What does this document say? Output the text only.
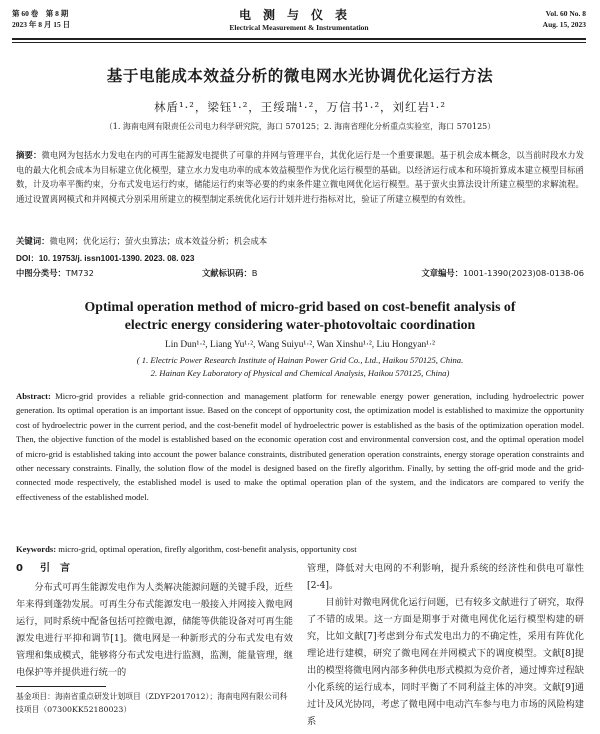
第 60 卷　第 8 期
2023 年 8 月 15 日
电测与仪表
Electrical Measurement & Instrumentation
Vol. 60 No. 8
Aug. 15, 2023
基于电能成本效益分析的微电网水光协调优化运行方法
林盾¹·²，梁钰¹·²，王绥瑞¹·²，万信书¹·²，刘红岩¹·²
（1. 海南电网有限责任公司电力科学研究院，海口 570125；2. 海南省理化分析重点实验室，海口 570125）
摘要：微电网为包括水力发电在内的可再生能源发电提供了可靠的并网与管理平台，其优化运行是一个重要课题。基于机会成本概念，以当前时段水力发电的最大化机会成本为目标建立优化模型，建立水力发电功率的成本效益模型作为优化运行模型的基础。以经济运行成本和环境折算成本建立模型目标函数，计及功率平衡约束，分布式发电运行约束，储能运行约束等必要的约束条件建立微电网优化运行模型。基于萤火虫算法设计所建立模型的求解流程。通过设置离网模式和并网模式分别采用所建立的模型制定系统优化运行计划并进行指标对比，验证了所建立模型的有效性。
关键词：微电网；优化运行；萤火虫算法；成本效益分析；机会成本
DOI：10. 19753/j. issn1001-1390. 2023. 08. 023
中图分类号：TM732	文献标识码：B	文章编号：1001-1390(2023)08-0138-06
Optimal operation method of micro-grid based on cost-benefit analysis of electric energy considering water-photovoltaic coordination
Lin Dun¹·², Liang Yu¹·², Wang Suiyu¹·², Wan Xinshu¹·², Liu Hongyan¹·²
( 1. Electric Power Research Institute of Hainan Power Grid Co., Ltd., Haikou 570125, China.
2. Hainan Key Laboratory of Physical and Chemical Analysis, Haikou 570125, China)
Abstract: Micro-grid provides a reliable grid-connection and management platform for renewable energy power generation, including hydroelectric power generation. Its optimal operation is an important issue. Based on the concept of opportunity cost, the optimization model is established to maximize the opportunity cost of hydroelectric power in the current period, and the cost-benefit model of hydroelectric power is established as the basis of the optimization operation model. Then, the objective function of the model is established based on the economic operation cost and environmental conversion cost, and the optimal operation model of micro-grid is established taking into account the power balance constraints, distributed generation operation constraints, energy storage operation constraints and other necessary constraints. Finally, the solution flow of the model is designed based on the firefly algorithm. Finally, by setting the off-grid mode and the grid-connected mode respectively, the established model is used to make the optimal operation plan of the system, and the indicators are compared to verify the effectiveness of the established model.
Keywords: micro-grid, optimal operation, firefly algorithm, cost-benefit analysis, opportunity cost
0 引　言

分布式可再生能源发电作为人类解决能源问题的关键手段，近些年来得到蓬勃发展。可再生分布式能源发电一般接入并网接入微电网运行，同时系统中配备包括可控微电源，储能等供能设备对可再生能源发电进行平抑和调节[1]。微电网是一种新形式的分布式发电有效管理和集成模式，能够将分布式发电进行监测，监测，能量管理，继电保护等并提供进行统一的

管理，降低对大电网的不利影响，提升系统的经济性和供电可靠性[2-4]。

目前针对微电网优化运行问题，已有较多文献进行了研究，取得了不错的成果。这一方面是期事于对微电网优化运行模型构建的研究，比如文献[7]考虑到分布式发电出力的不确定性，采用有阵优化理论进行建模，研究了微电网在并网模式下的调度模型。文献[8]提出的模型将微电网内部多种供电形式模拟为竞价者，通过博弈过程缺小化系统的运行成本，同时平衡了不同利益主体的冲突。文献[9]通过计及风光协同，考虑了微电网中电动汽车参与电力市场的风险构建系

基金项目：海南省重点研发计划项目（ZDYF2017012）；海南电网有限公司科技项目（07300KK52180023）
